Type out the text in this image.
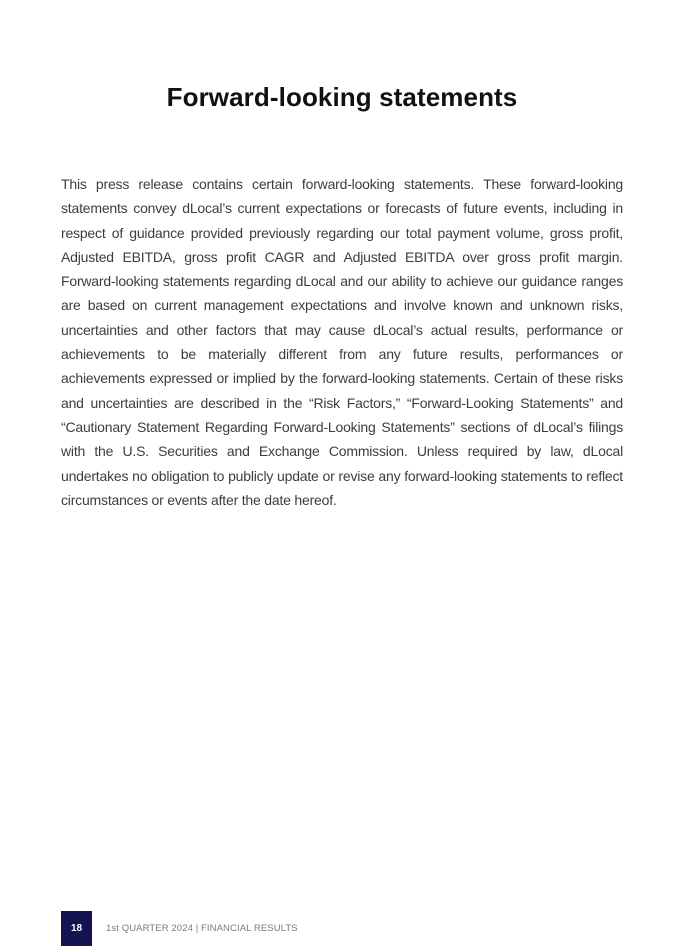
Forward-looking statements

This press release contains certain forward-looking statements. These forward-looking statements convey dLocal’s current expectations or forecasts of future events, including in respect of guidance provided previously regarding our total payment volume, gross profit, Adjusted EBITDA, gross profit CAGR and Adjusted EBITDA over gross profit margin. Forward-looking statements regarding dLocal and our ability to achieve our guidance ranges are based on current management expectations and involve known and unknown risks, uncertainties and other factors that may cause dLocal’s actual results, performance or achievements to be materially different from any future results, performances or achievements expressed or implied by the forward-looking statements. Certain of these risks and uncertainties are described in the “Risk Factors,” “Forward-Looking Statements” and “Cautionary Statement Regarding Forward-Looking Statements” sections of dLocal’s filings with the U.S. Securities and Exchange Commission. Unless required by law, dLocal undertakes no obligation to publicly update or revise any forward-looking statements to reflect circumstances or events after the date hereof.

18	1st QUARTER 2024 | FINANCIAL RESULTS
